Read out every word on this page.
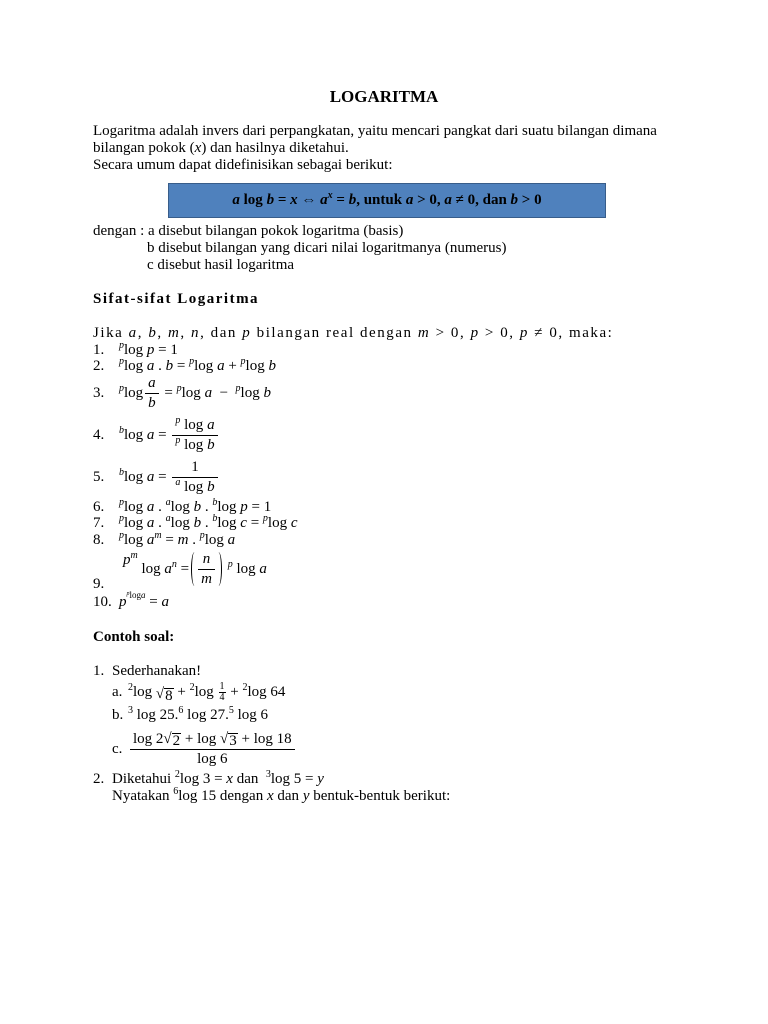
LOGARITMA
Logaritma adalah invers dari perpangkatan, yaitu mencari pangkat dari suatu bilangan dimana
bilangan pokok (x) dan hasilnya diketahui.
Secara umum dapat didefinisikan sebagai berikut:
a log b = x ⇔ $a^x = b$, untuk a > 0, a ≠ 0, dan b > 0
dengan : a disebut bilangan pokok logaritma (basis)
b disebut bilangan yang dicari nilai logaritmanya (numerus)
c disebut hasil logaritma
Sifat-sifat Logaritma
Jika a, b, m, n, dan p bilangan real dengan m > 0, p > 0, p ≠ 0, maka:
1.	$^p$log p = 1
2.	$^p$log a . b = $^p$log a + $^p$log b
3.	$^p\log \frac{a}{b} = ^p\log$ a  −  $^p$log b
4.	$^b$log $a = \frac{^p \log a}{^p \log b}$
5.	$^b$log $a = \frac{1}{^a \log b}$
6.	$^p$log a . $^a$log b . $^b$log p = 1
7.	$^p$log a . $^a$log b . $^b$log c = $^p$log c
8.	$^p$log $a^m = m$ . $^p$log a
$p^m$ $\log a^n = \frac{n}{m} ^p$ log a
9.
10. $p^{^ploga} = a$
Contoh soal:
1. Sederhanakan!
a. $^2$log
√ $8 + ^2\log \frac{1}{4} + ^2\log$ 64
b. $^3$ log 25.$^6$ log 27.$^5$ log 6
c. log 2
√ 2 + log
√ 3 + log 18
log 6
2. Diketahui $^2$log 3 = x dan  $^3$log 5 = y
Nyatakan $^6$log 15 dengan x dan y bentuk-bentuk berikut:
